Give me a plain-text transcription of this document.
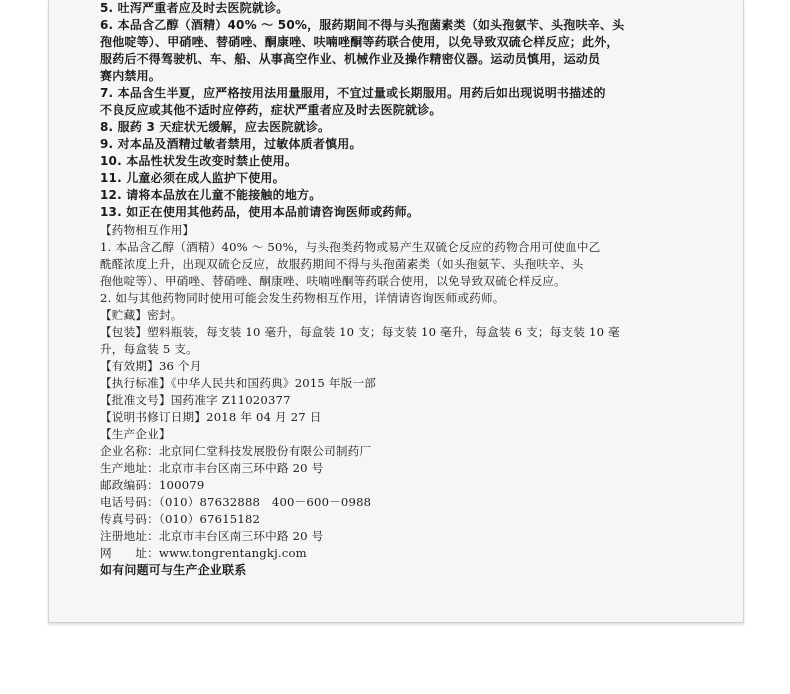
5. 吐泻严重者应及时去医院就诊。
6. 本品含乙醇（酒精）40% ～ 50%，服药期间不得与头孢菌素类（如头孢氨苄、头孢呋辛、头
孢他啶等）、甲硝唑、替硝唑、酮康唑、呋喃唑酮等药联合使用，以免导致双硫仑样反应；此外，
服药后不得驾驶机、车、船、从事高空作业、机械作业及操作精密仪器。运动员慎用，运动员
赛内禁用。
7. 本品含生半夏，应严格按用法用量服用，不宜过量或长期服用。用药后如出现说明书描述的
不良反应或其他不适时应停药，症状严重者应及时去医院就诊。
8. 服药 3 天症状无缓解，应去医院就诊。
9. 对本品及酒精过敏者禁用，过敏体质者慎用。
10. 本品性状发生改变时禁止使用。
11. 儿童必须在成人监护下使用。
12. 请将本品放在儿童不能接触的地方。
13. 如正在使用其他药品，使用本品前请咨询医师或药师。
【药物相互作用】
1. 本品含乙醇（酒精）40% ～ 50%，与头孢类药物或易产生双硫仑反应的药物合用可使血中乙
酰醛浓度上升，出现双硫仑反应，故服药期间不得与头孢菌素类（如头孢氨苄、头孢呋辛、头
孢他啶等）、甲硝唑、替硝唑、酮康唑、呋喃唑酮等药联合使用，以免导致双硫仑样反应。
2. 如与其他药物同时使用可能会发生药物相互作用，详情请咨询医师或药师。
【贮藏】密封。
【包装】塑料瓶装，每支装 10 毫升，每盒装 10 支；每支装 10 毫升，每盒装 6 支；每支装 10 毫
升，每盒装 5 支。
【有效期】36 个月
【执行标准】《中华人民共和国药典》2015 年版一部
【批准文号】国药准字 Z11020377
【说明书修订日期】2018 年 04 月 27 日
【生产企业】
企业名称：北京同仁堂科技发展股份有限公司制药厂
生产地址：北京市丰台区南三环中路 20 号
邮政编码：100079
电话号码：（010）87632888　400－600－0988
传真号码：（010）67615182
注册地址：北京市丰台区南三环中路 20 号
网　　址：www.tongrentangkj.com
如有问题可与生产企业联系
